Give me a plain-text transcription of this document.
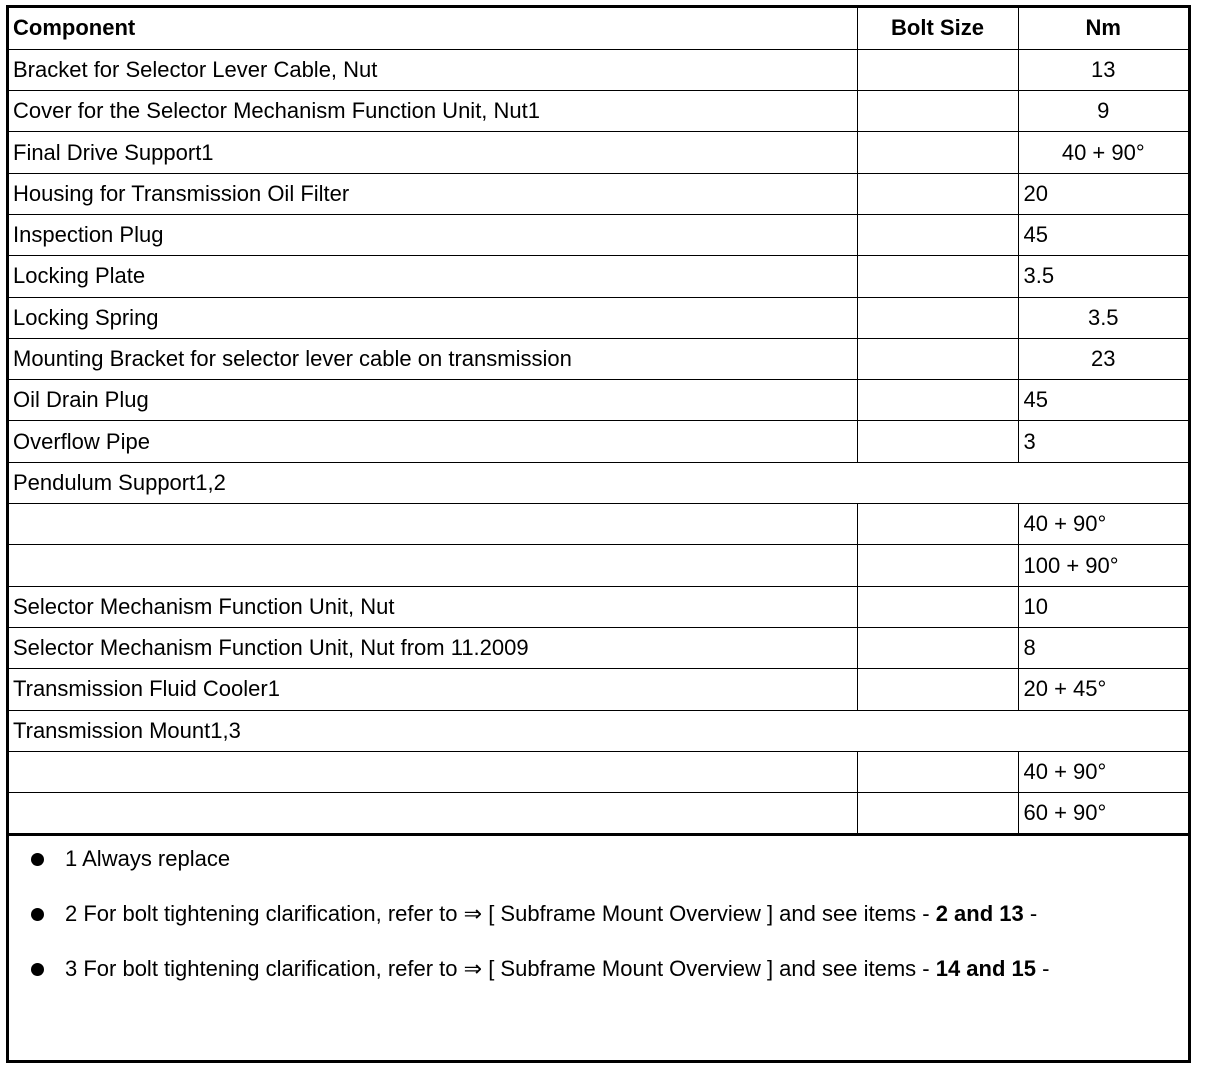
Component	Bolt Size	Nm
Bracket for Selector Lever Cable, Nut		13
Cover for the Selector Mechanism Function Unit, Nut1		9
Final Drive Support1		40 + 90°
Housing for Transmission Oil Filter		20
Inspection Plug		45
Locking Plate		3.5
Locking Spring		3.5
Mounting Bracket for selector lever cable on transmission		23
Oil Drain Plug		45
Overflow Pipe		3
Pendulum Support1,2		
		40 + 90°
		100 + 90°
Selector Mechanism Function Unit, Nut		10
Selector Mechanism Function Unit, Nut from 11.2009		8
Transmission Fluid Cooler1		20 + 45°
Transmission Mount1,3		
		40 + 90°
		60 + 90°
1 Always replace
2 For bolt tightening clarification, refer to ⇒ [ Subframe Mount Overview ] and see items - 2 and 13 -
3 For bolt tightening clarification, refer to ⇒ [ Subframe Mount Overview ] and see items - 14 and 15 -
